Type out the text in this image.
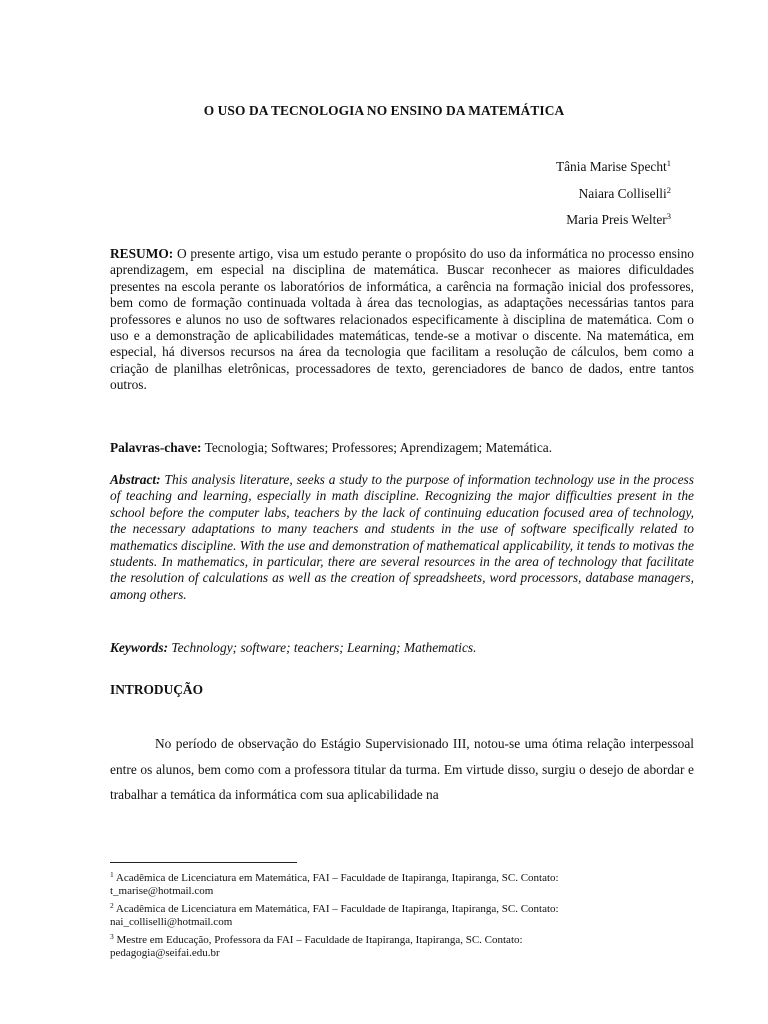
O USO DA TECNOLOGIA NO ENSINO DA MATEMÁTICA
Tânia Marise Specht$^1$
Naiara Colliselli$^2$
Maria Preis Welter$^3$
RESUMO: O presente artigo, visa um estudo perante o propósito do uso da informática no processo ensino aprendizagem, em especial na disciplina de matemática. Buscar reconhecer as maiores dificuldades presentes na escola perante os laboratórios de informática, a carência na formação inicial dos professores, bem como de formação continuada voltada à área das tecnologias, as adaptações necessárias tantos para professores e alunos no uso de softwares relacionados especificamente à disciplina de matemática. Com o uso e a demonstração de aplicabilidades matemáticas, tende-se a motivar o discente. Na matemática, em especial, há diversos recursos na área da tecnologia que facilitam a resolução de cálculos, bem como a criação de planilhas eletrônicas, processadores de texto, gerenciadores de banco de dados, entre tantos outros.
Palavras-chave: Tecnologia; Softwares; Professores; Aprendizagem; Matemática.
Abstract: This analysis literature, seeks a study to the purpose of information technology use in the process of teaching and learning, especially in math discipline. Recognizing the major difficulties present in the school before the computer labs, teachers by the lack of continuing education focused area of technology, the necessary adaptations to many teachers and students in the use of software specifically related to mathematics discipline. With the use and demonstration of mathematical applicability, it tends to motivas the students. In mathematics, in particular, there are several resources in the area of technology that facilitate the resolution of calculations as well as the creation of spreadsheets, word processors, database managers, among others.
Keywords: Technology; software; teachers; Learning; Mathematics.
INTRODUÇÃO
No período de observação do Estágio Supervisionado III, notou-se uma ótima relação interpessoal entre os alunos, bem como com a professora titular da turma. Em virtude disso, surgiu o desejo de abordar e trabalhar a temática da informática com sua aplicabilidade na
$^1$ Acadêmica de Licenciatura em Matemática, FAI – Faculdade de Itapiranga, Itapiranga, SC. Contato:
t_marise@hotmail.com
$^2$ Acadêmica de Licenciatura em Matemática, FAI – Faculdade de Itapiranga, Itapiranga, SC. Contato:
nai_colliselli@hotmail.com
$^3$ Mestre em Educação, Professora da FAI – Faculdade de Itapiranga, Itapiranga, SC. Contato:
pedagogia@seifai.edu.br
